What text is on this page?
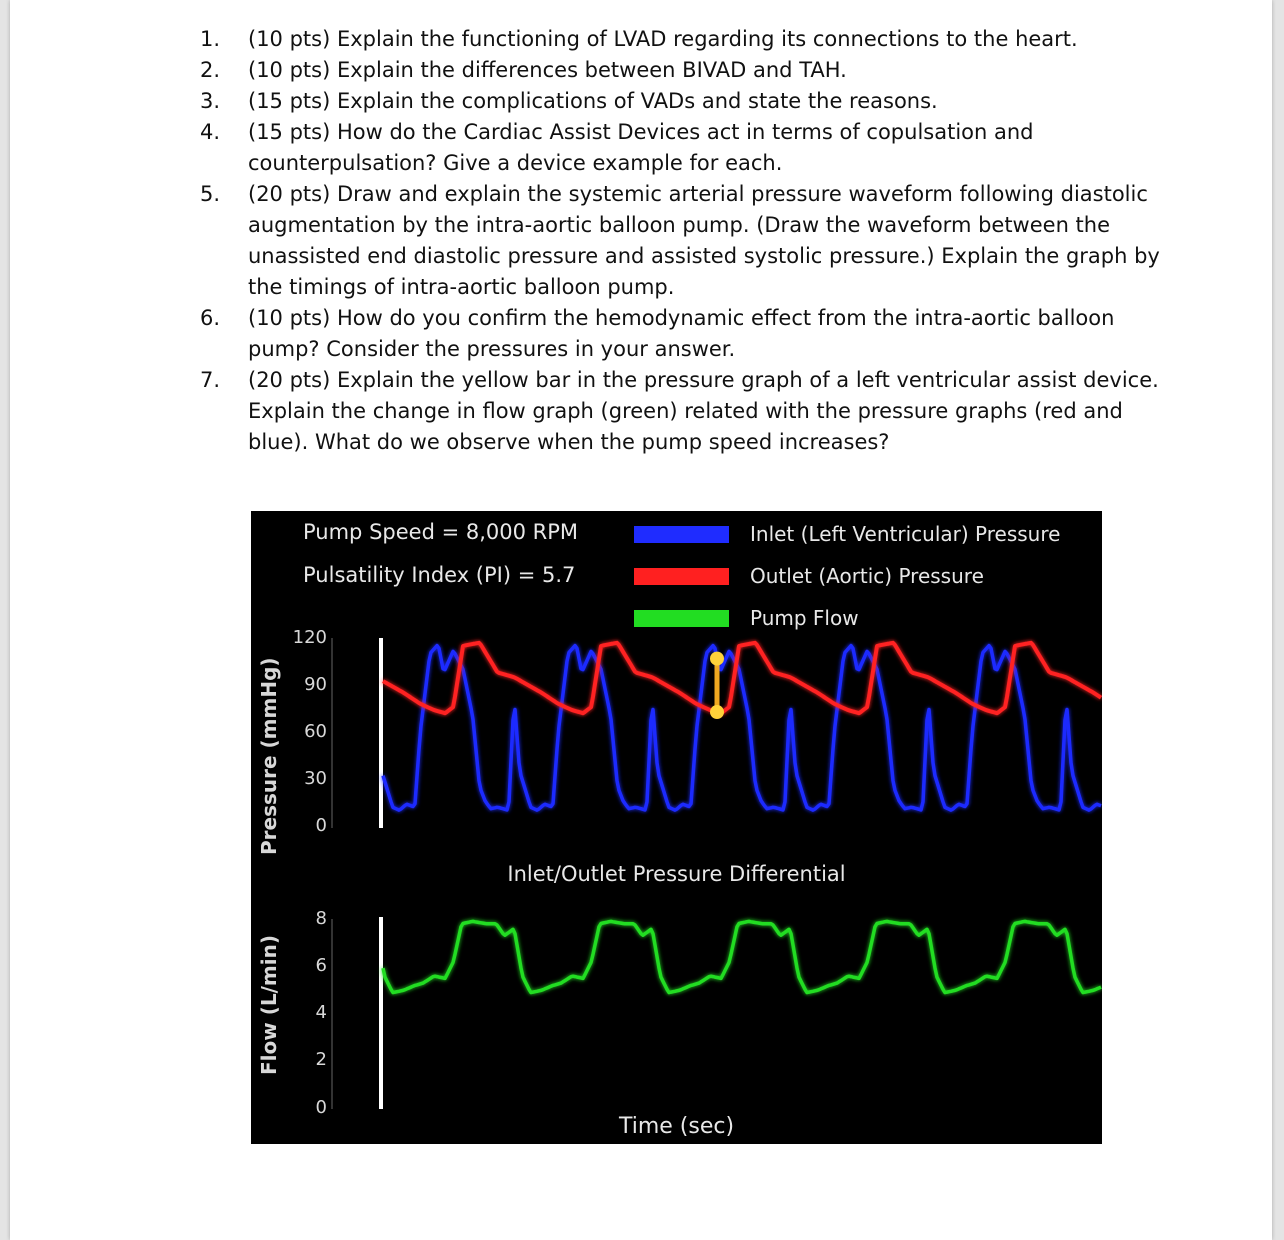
1.	(10 pts) Explain the functioning of LVAD regarding its connections to the heart.
2.	(10 pts) Explain the differences between BIVAD and TAH.
3.	(15 pts) Explain the complications of VADs and state the reasons.
4.	(15 pts) How do the Cardiac Assist Devices act in terms of copulsation and counterpulsation? Give a device example for each.
5.	(20 pts) Draw and explain the systemic arterial pressure waveform following diastolic augmentation by the intra-aortic balloon pump. (Draw the waveform between the unassisted end diastolic pressure and assisted systolic pressure.) Explain the graph by the timings of intra-aortic balloon pump.
6.	(10 pts) How do you confirm the hemodynamic effect from the intra-aortic balloon pump? Consider the pressures in your answer.
7.	(20 pts) Explain the yellow bar in the pressure graph of a left ventricular assist device. Explain the change in flow graph (green) related with the pressure graphs (red and blue). What do we observe when the pump speed increases?
Pump Speed = 8,000 RPM
Pulsatility Index (PI) = 5.7
Inlet (Left Ventricular) Pressure
Outlet (Aortic) Pressure
Pump Flow
Pressure (mmHg)
Flow (L/min)
120
90
60
30
0
8
6
4
2
0
Inlet/Outlet Pressure Differential
Time (sec)
